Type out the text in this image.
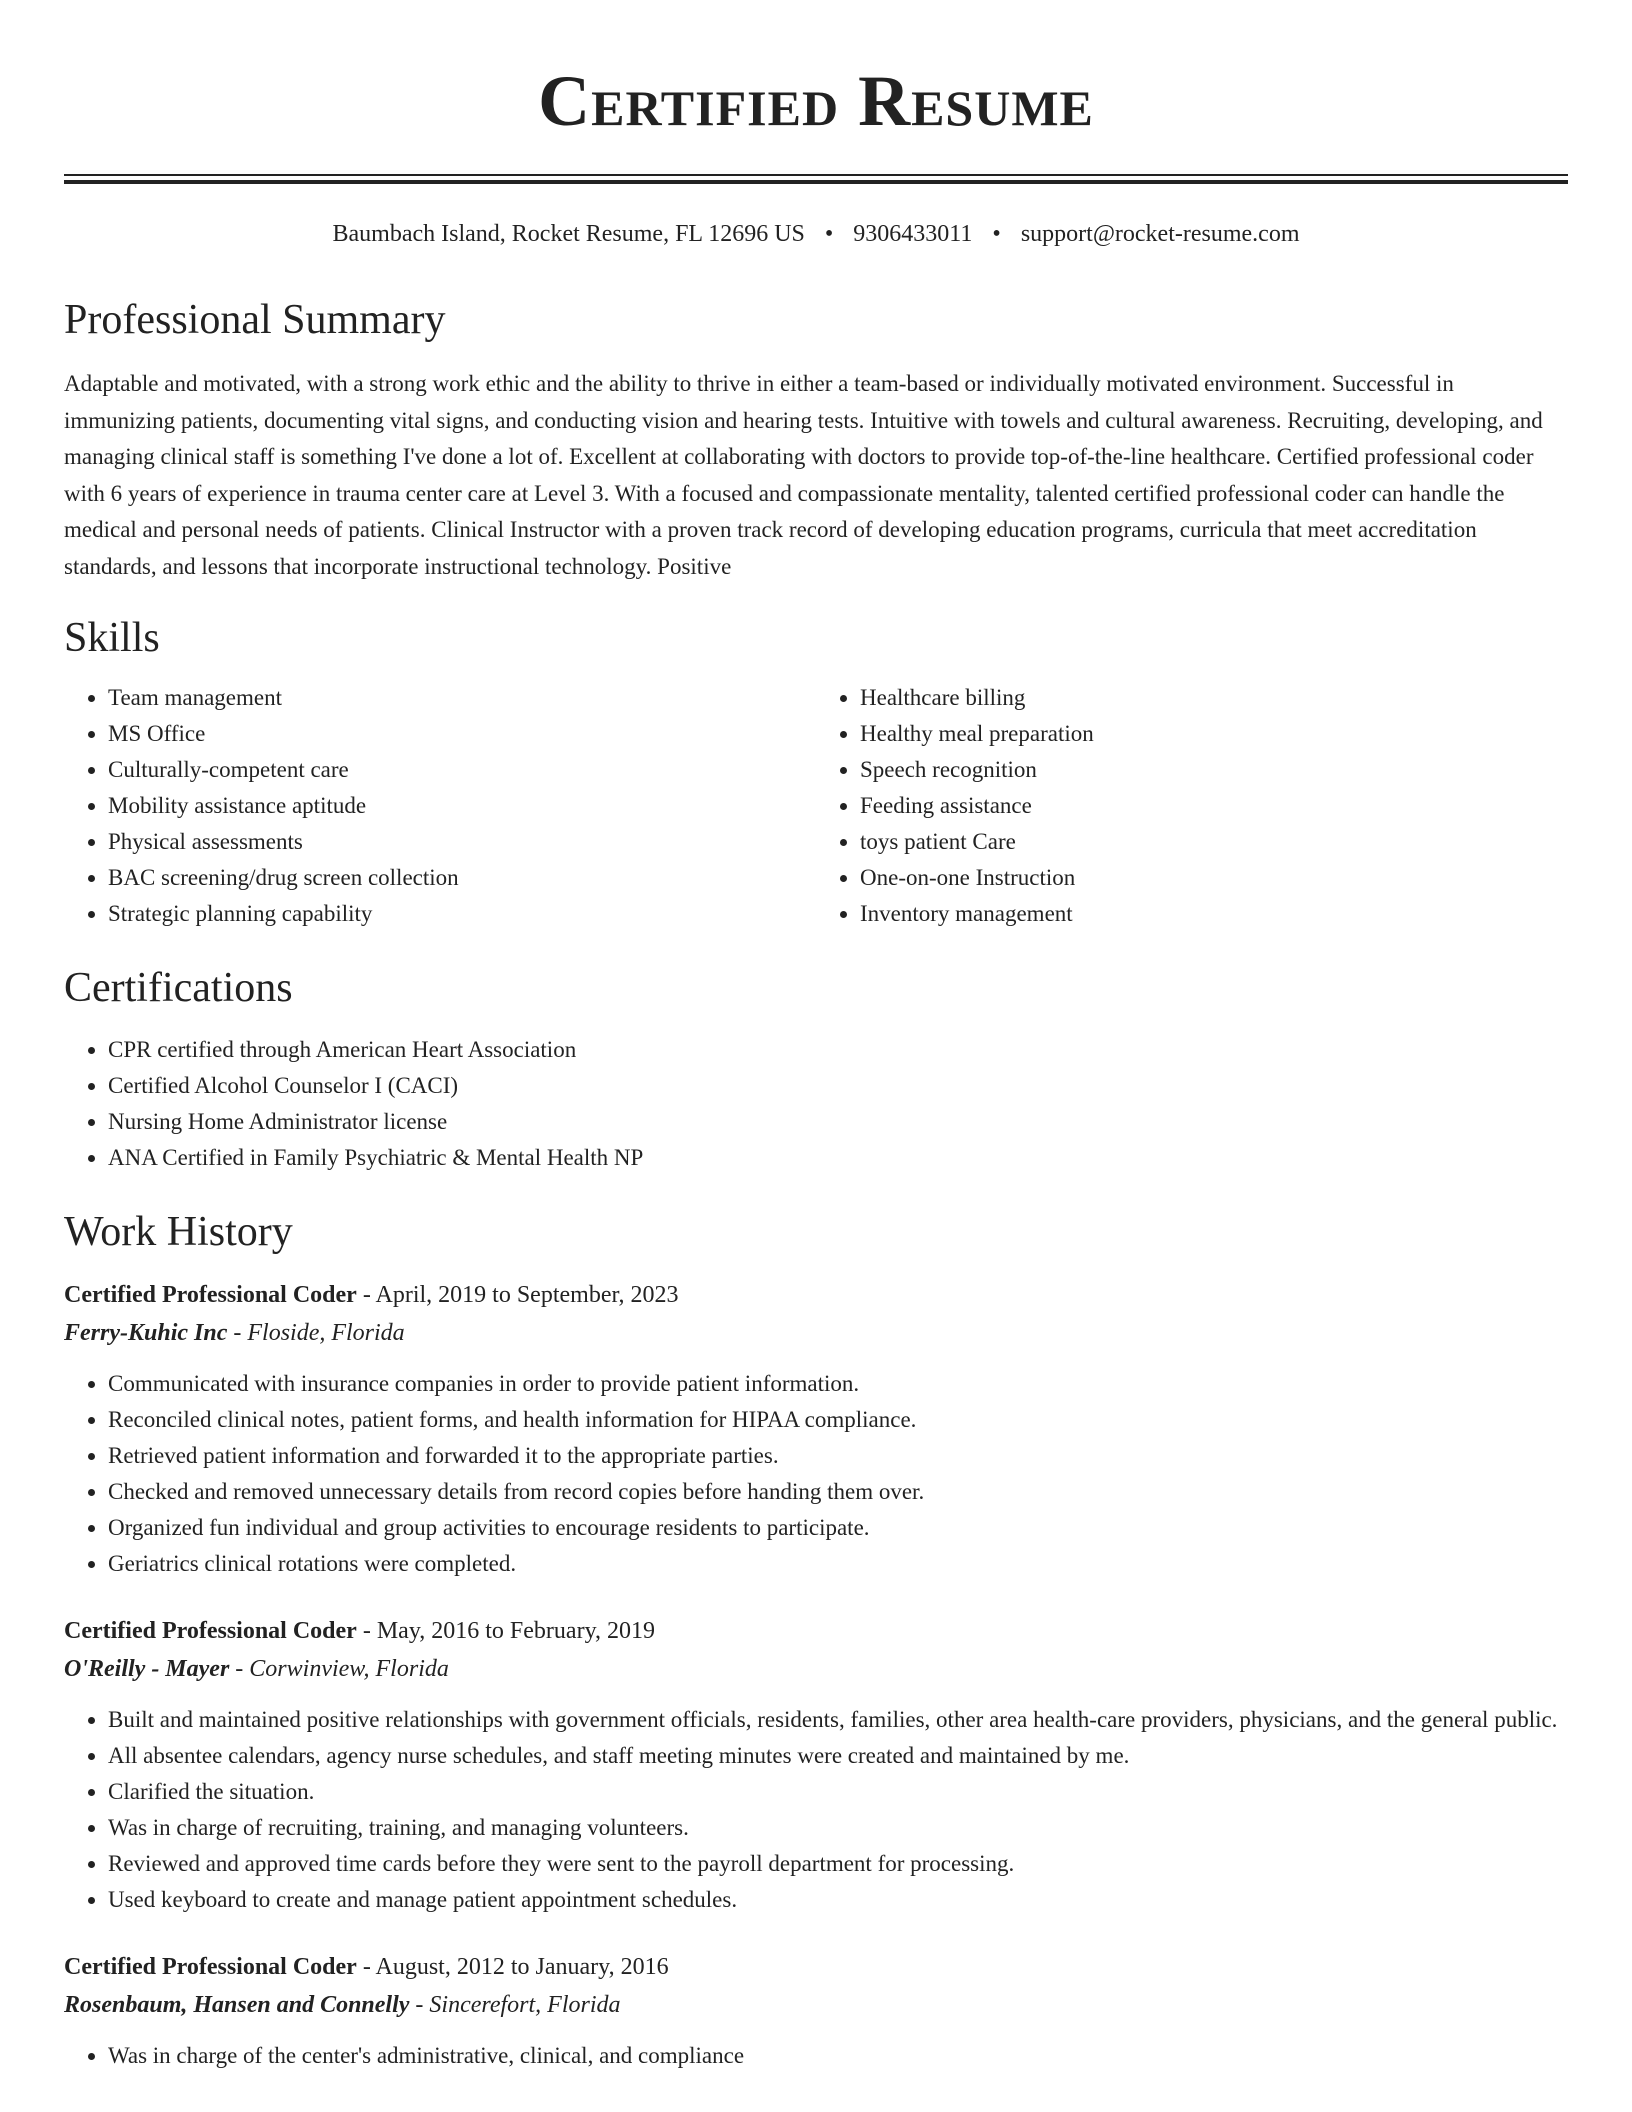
Certified Resume
Baumbach Island, Rocket Resume, FL 12696 US • 9306433011 • support@rocket-resume.com
Professional Summary

Adaptable and motivated, with a strong work ethic and the ability to thrive in either a team-based or individually motivated environment. Successful in immunizing patients, documenting vital signs, and conducting vision and hearing tests. Intuitive with towels and cultural awareness. Recruiting, developing, and managing clinical staff is something I've done a lot of. Excellent at collaborating with doctors to provide top-of-the-line healthcare. Certified professional coder with 6 years of experience in trauma center care at Level 3. With a focused and compassionate mentality, talented certified professional coder can handle the medical and personal needs of patients. Clinical Instructor with a proven track record of developing education programs, curricula that meet accreditation standards, and lessons that incorporate instructional technology. Positive

Skills
• Team management
• MS Office
• Culturally-competent care
• Mobility assistance aptitude
• Physical assessments
• BAC screening/drug screen collection
• Strategic planning capability
• Healthcare billing
• Healthy meal preparation
• Speech recognition
• Feeding assistance
• toys patient Care
• One-on-one Instruction
• Inventory management
Certifications
• CPR certified through American Heart Association
• Certified Alcohol Counselor I (CACI)
• Nursing Home Administrator license
• ANA Certified in Family Psychiatric & Mental Health NP
Work History
Certified Professional Coder - April, 2019 to September, 2023
Ferry-Kuhic Inc - Floside, Florida
• Communicated with insurance companies in order to provide patient information.
• Reconciled clinical notes, patient forms, and health information for HIPAA compliance.
• Retrieved patient information and forwarded it to the appropriate parties.
• Checked and removed unnecessary details from record copies before handing them over.
• Organized fun individual and group activities to encourage residents to participate.
• Geriatrics clinical rotations were completed.
Certified Professional Coder - May, 2016 to February, 2019
O'Reilly - Mayer - Corwinview, Florida
• Built and maintained positive relationships with government officials, residents, families, other area health-care providers, physicians, and the general public.
• All absentee calendars, agency nurse schedules, and staff meeting minutes were created and maintained by me.
• Clarified the situation.
• Was in charge of recruiting, training, and managing volunteers.
• Reviewed and approved time cards before they were sent to the payroll department for processing.
• Used keyboard to create and manage patient appointment schedules.
Certified Professional Coder - August, 2012 to January, 2016
Rosenbaum, Hansen and Connelly - Sincerefort, Florida
• Was in charge of the center's administrative, clinical, and compliance
